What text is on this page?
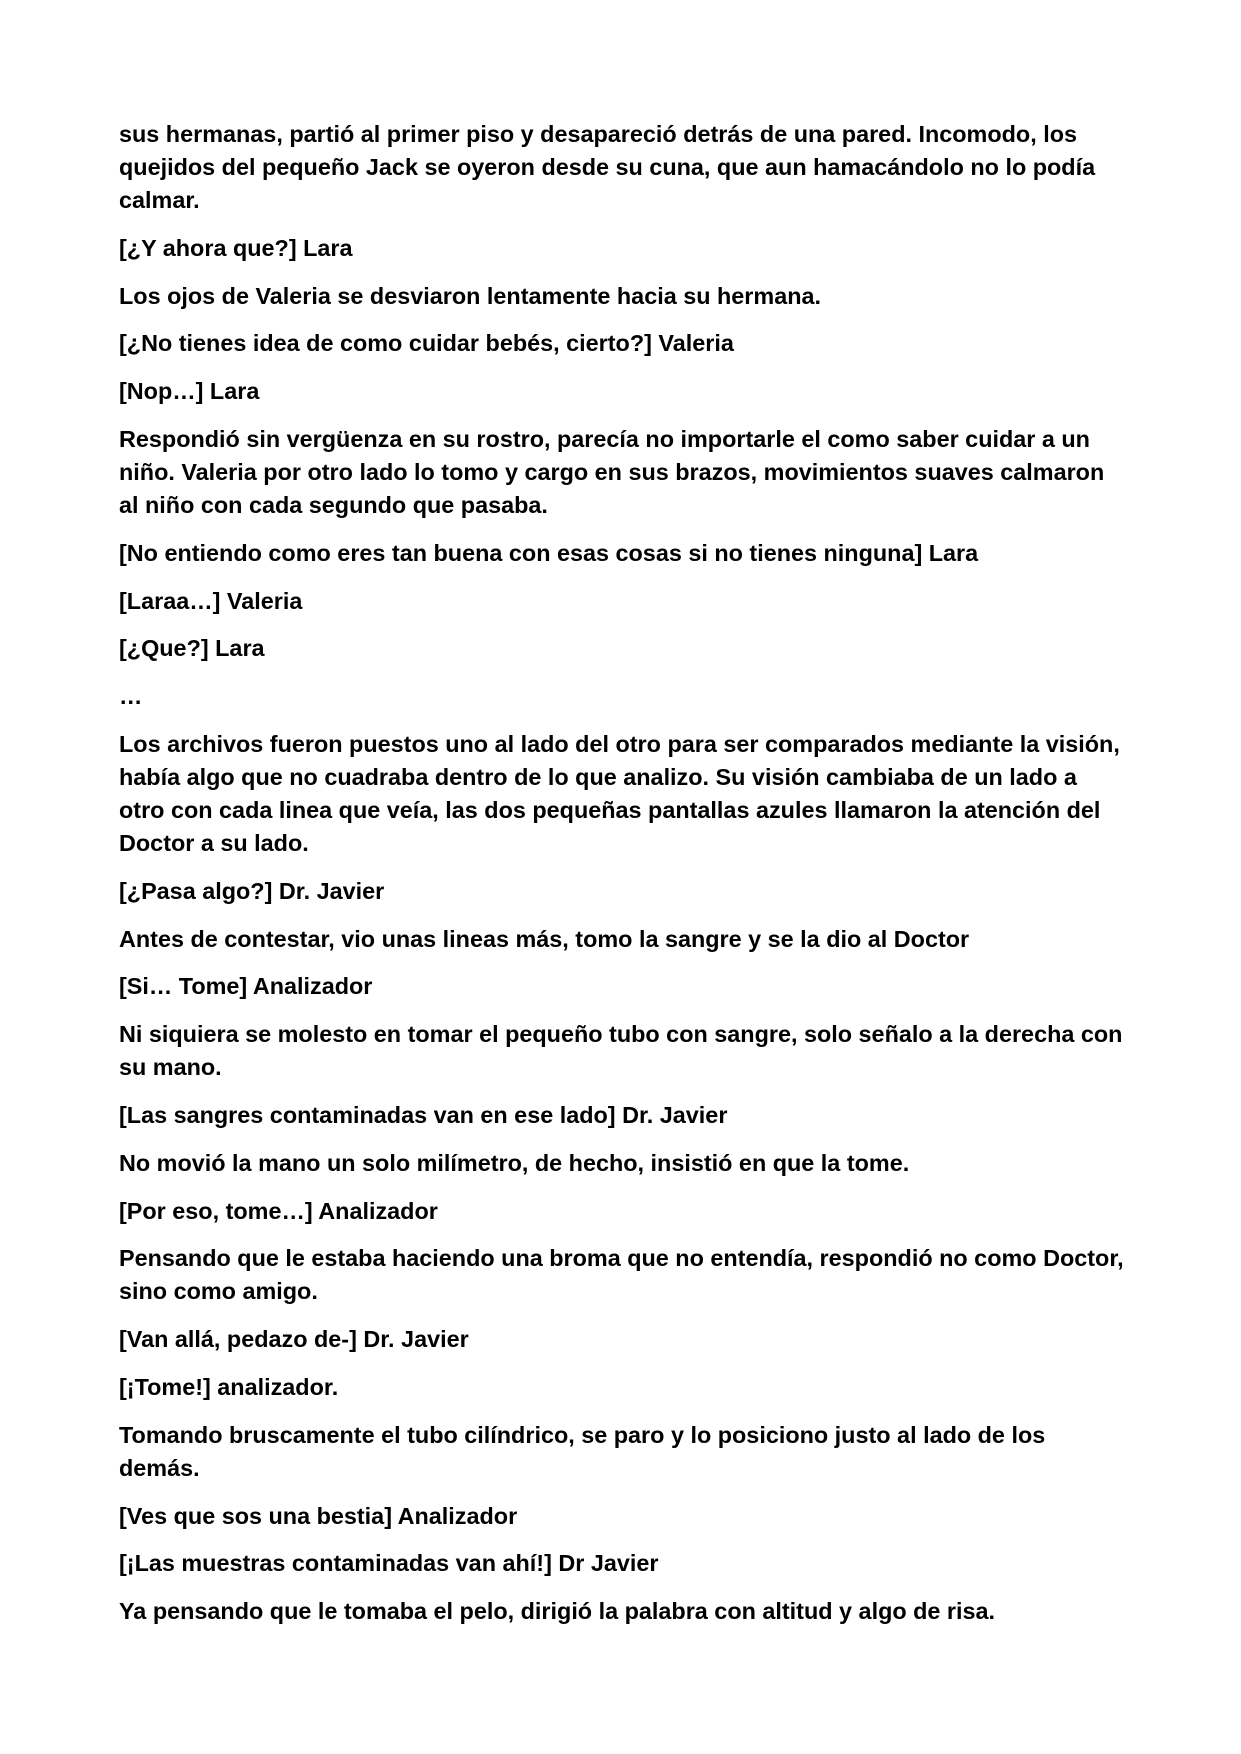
sus hermanas, partió al primer piso y desapareció detrás de una pared. Incomodo, los quejidos del pequeño Jack se oyeron desde su cuna, que aun hamacándolo no lo podía calmar.

[¿Y ahora que?] Lara

Los ojos de Valeria se desviaron lentamente hacia su hermana.

[¿No tienes idea de como cuidar bebés, cierto?] Valeria

[Nop…] Lara

Respondió sin vergüenza en su rostro, parecía no importarle el como saber cuidar a un niño. Valeria por otro lado lo tomo y cargo en sus brazos, movimientos suaves calmaron al niño con cada segundo que pasaba.

[No entiendo como eres tan buena con esas cosas si no tienes ninguna] Lara

[Laraa…] Valeria

[¿Que?] Lara

…

Los archivos fueron puestos uno al lado del otro para ser comparados mediante la visión, había algo que no cuadraba dentro de lo que analizo. Su visión cambiaba de un lado a otro con cada linea que veía, las dos pequeñas pantallas azules llamaron la atención del Doctor a su lado.

[¿Pasa algo?] Dr. Javier

Antes de contestar, vio unas lineas más, tomo la sangre y se la dio al Doctor

[Si… Tome] Analizador

Ni siquiera se molesto en tomar el pequeño tubo con sangre, solo señalo a la derecha con su mano.

[Las sangres contaminadas van en ese lado] Dr. Javier

No movió la mano un solo milímetro, de hecho, insistió en que la tome.

[Por eso, tome…] Analizador

Pensando que le estaba haciendo una broma que no entendía, respondió no como Doctor, sino como amigo.

[Van allá, pedazo de-] Dr. Javier

[¡Tome!] analizador.

Tomando bruscamente el tubo cilíndrico, se paro y lo posiciono justo al lado de los demás.

[Ves que sos una bestia] Analizador

[¡Las muestras contaminadas van ahí!] Dr Javier

Ya pensando que le tomaba el pelo, dirigió la palabra con altitud y algo de risa.
